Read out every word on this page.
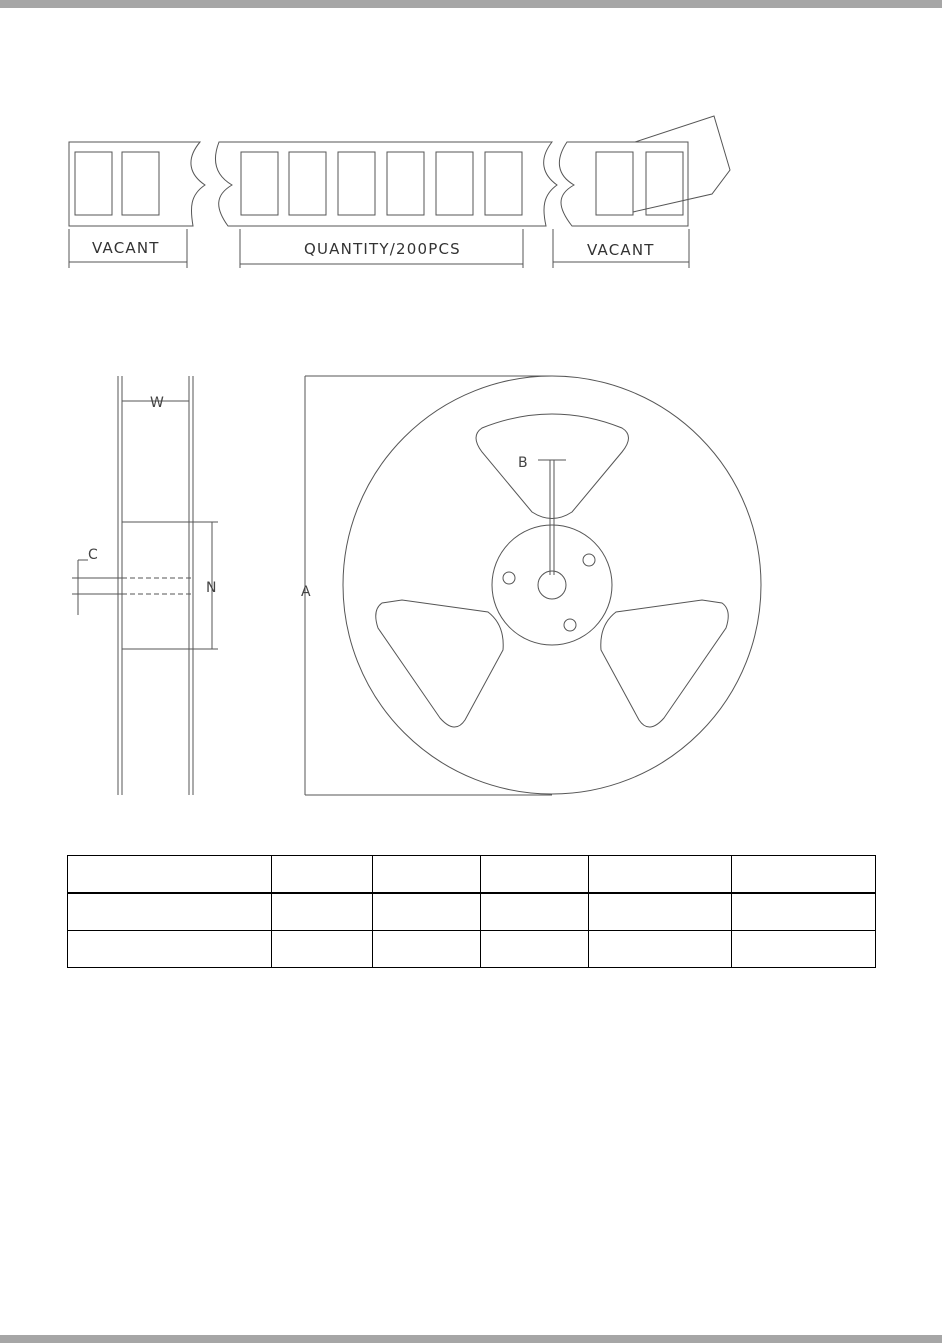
VACANT	QUANTITY/200PCS	VACANT
W
C
N	A
B
